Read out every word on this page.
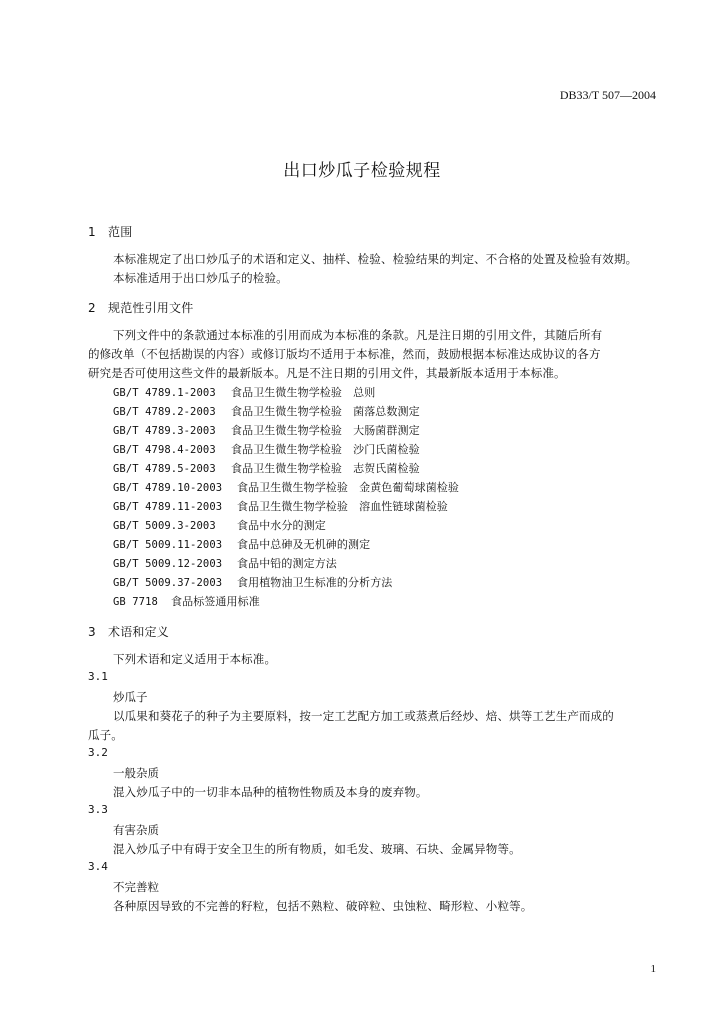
DB33/T 507—2004
出口炒瓜子检验规程
1 范围
本标准规定了出口炒瓜子的术语和定义、抽样、检验、检验结果的判定、不合格的处置及检验有效期。
本标准适用于出口炒瓜子的检验。
2 规范性引用文件
下列文件中的条款通过本标准的引用而成为本标准的条款。凡是注日期的引用文件，其随后所有
的修改单（不包括勘误的内容）或修订版均不适用于本标准，然而，鼓励根据本标准达成协议的各方
研究是否可使用这些文件的最新版本。凡是不注日期的引用文件，其最新版本适用于本标准。
GB/T 4789.1-2003 食品卫生微生物学检验　总则
GB/T 4789.2-2003 食品卫生微生物学检验　菌落总数测定
GB/T 4789.3-2003 食品卫生微生物学检验　大肠菌群测定
GB/T 4798.4-2003 食品卫生微生物学检验　沙门氏菌检验
GB/T 4789.5-2003 食品卫生微生物学检验　志贺氏菌检验
GB/T 4789.10-2003 食品卫生微生物学检验　金黄色葡萄球菌检验
GB/T 4789.11-2003 食品卫生微生物学检验　溶血性链球菌检验
GB/T 5009.3-2003 食品中水分的测定
GB/T 5009.11-2003 食品中总砷及无机砷的测定
GB/T 5009.12-2003 食品中铅的测定方法
GB/T 5009.37-2003 食用植物油卫生标准的分析方法
GB 7718 食品标签通用标准
3 术语和定义
下列术语和定义适用于本标准。
3.1
炒瓜子
以瓜果和葵花子的种子为主要原料，按一定工艺配方加工或蒸煮后经炒、焙、烘等工艺生产而成的
瓜子。
3.2
一般杂质
混入炒瓜子中的一切非本品种的植物性物质及本身的废弃物。
3.3
有害杂质
混入炒瓜子中有碍于安全卫生的所有物质，如毛发、玻璃、石块、金属异物等。
3.4
不完善粒
各种原因导致的不完善的籽粒，包括不熟粒、破碎粒、虫蚀粒、畸形粒、小粒等。
1
